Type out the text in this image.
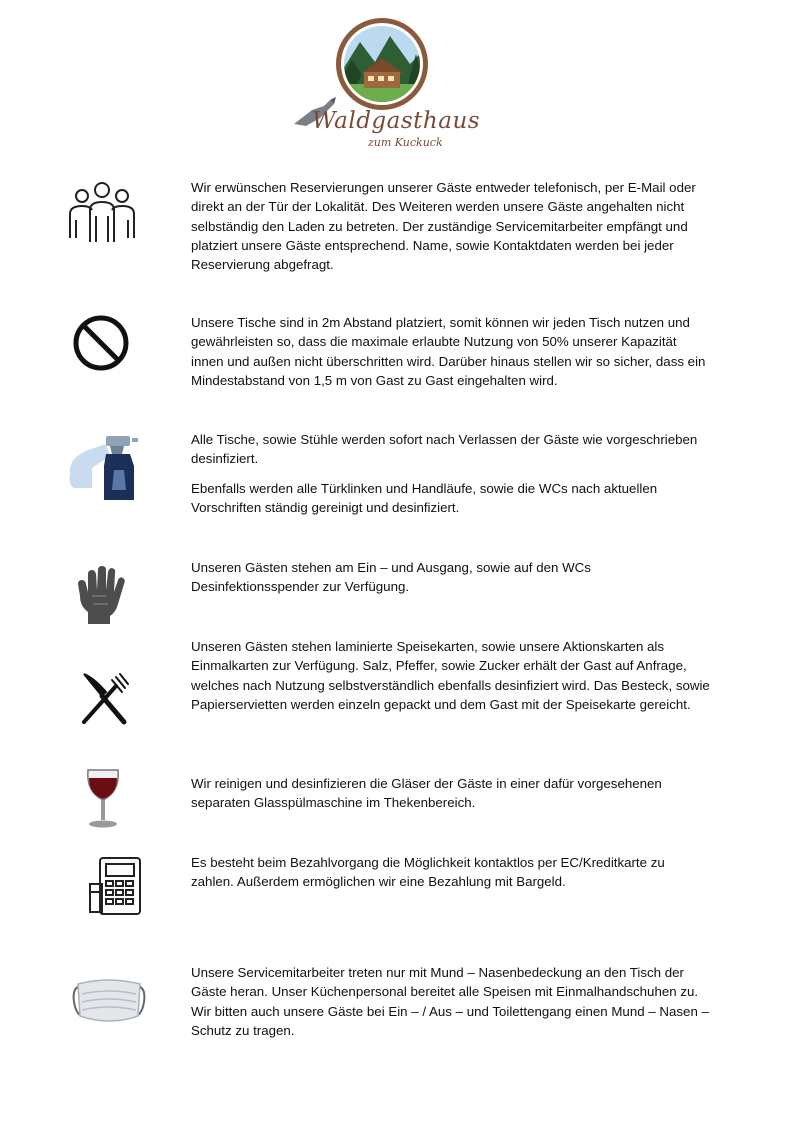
Waldgasthaus
zum Kuckuck

Wir erwünschen Reservierungen unserer Gäste entweder telefonisch, per E-Mail oder direkt an der Tür der Lokalität. Des Weiteren werden unsere Gäste angehalten nicht selbständig den Laden zu betreten. Der zuständige Servicemitarbeiter empfängt und platziert unsere Gäste entsprechend. Name, sowie Kontaktdaten werden bei jeder Reservierung abgefragt.

Unsere Tische sind in 2m Abstand platziert, somit können wir jeden Tisch nutzen und gewährleisten so, dass die maximale erlaubte Nutzung von 50% unserer Kapazität innen und außen nicht überschritten wird. Darüber hinaus stellen wir so sicher, dass ein Mindestabstand von 1,5 m von Gast zu Gast eingehalten wird.

Alle Tische, sowie Stühle werden sofort nach Verlassen der Gäste wie vorgeschrieben desinfiziert.

Ebenfalls werden alle Türklinken und Handläufe, sowie die WCs nach aktuellen Vorschriften ständig gereinigt und desinfiziert.

Unseren Gästen stehen am Ein – und Ausgang, sowie auf den WCs Desinfektionsspender zur Verfügung.

Unseren Gästen stehen laminierte Speisekarten, sowie unsere Aktionskarten als Einmalkarten zur Verfügung. Salz, Pfeffer, sowie Zucker erhält der Gast auf Anfrage, welches nach Nutzung selbstverständlich ebenfalls desinfiziert wird. Das Besteck, sowie Papierservietten werden einzeln gepackt und dem Gast mit der Speisekarte gereicht.

Wir reinigen und desinfizieren die Gläser der Gäste in einer dafür vorgesehenen separaten Glasspülmaschine im Thekenbereich.

Es besteht beim Bezahlvorgang die Möglichkeit kontaktlos per EC/Kreditkarte zu zahlen. Außerdem ermöglichen wir eine Bezahlung mit Bargeld.

Unsere Servicemitarbeiter treten nur mit Mund – Nasenbedeckung an den Tisch der Gäste heran. Unser Küchenpersonal bereitet alle Speisen mit Einmalhandschuhen zu. Wir bitten auch unsere Gäste bei Ein – / Aus – und Toilettengang einen Mund – Nasen – Schutz zu tragen.
